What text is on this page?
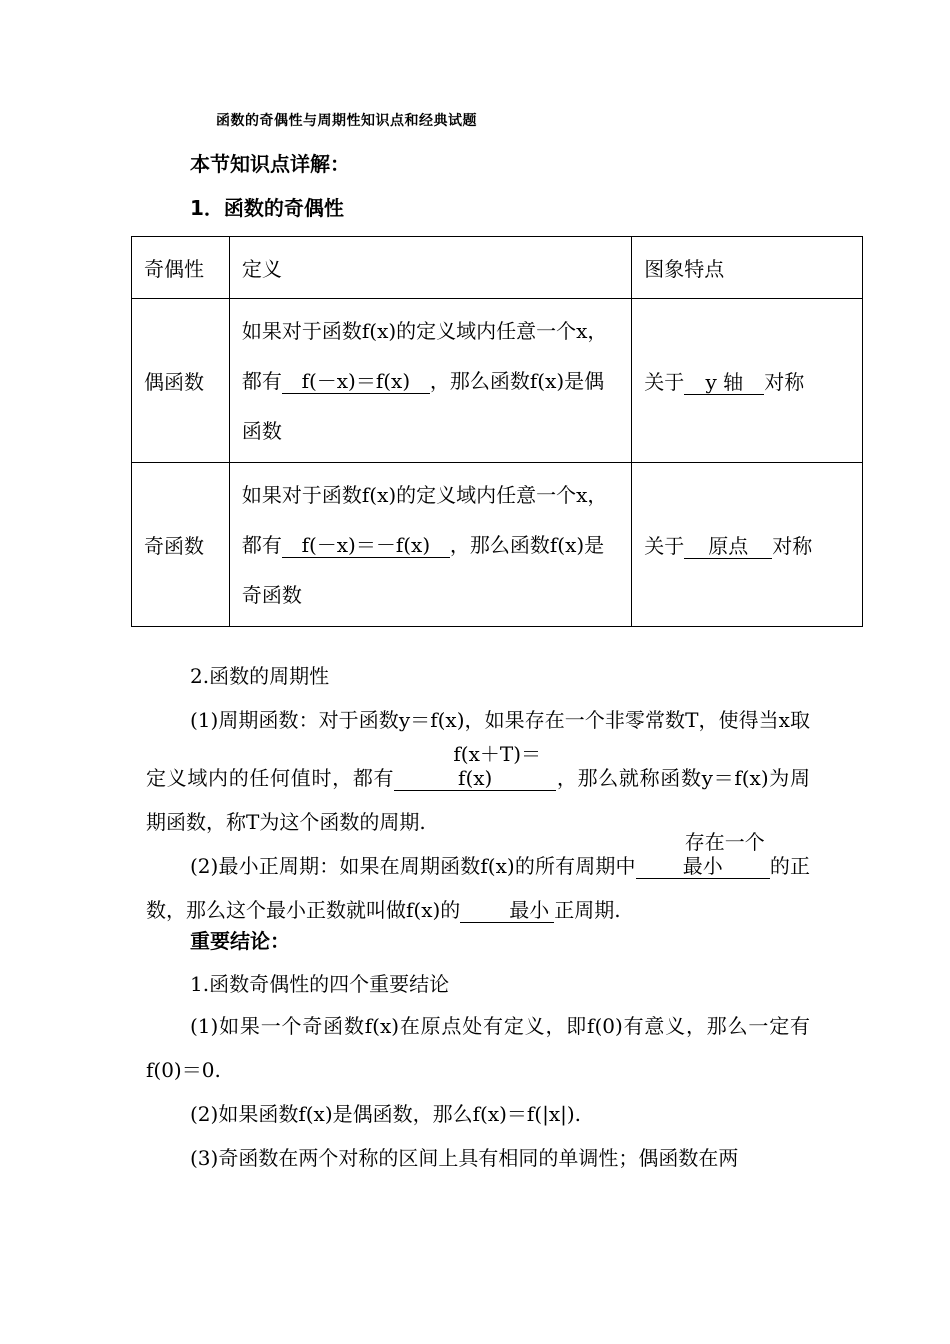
函数的奇偶性与周期性知识点和经典试题
本节知识点详解：
1．函数的奇偶性
奇偶性	定义	图象特点
偶函数	如果对于函数f(x)的定义域内任意一个x，都有 f(－x)＝f(x) ，那么函数f(x)是偶函数	关于 y 轴 对称
奇函数	如果对于函数f(x)的定义域内任意一个x，都有 f(－x)＝－f(x) ，那么函数f(x)是奇函数	关于 原点 对称
2.函数的周期性
(1)周期函数：对于函数y＝f(x)，如果存在一个非零常数T，使得当x取定义域内的任何值时，都有f(x＋T)＝f(x)	，那么就称函数y＝f(x)为周期函数，称T为这个函数的周期.
(2)最小正周期：如果在周期函数f(x)的所有周期中存在一个最小 的正数，那么这个最小正数就叫做f(x)的 最小 正周期.
重要结论：
1.函数奇偶性的四个重要结论
(1)如果一个奇函数f(x)在原点处有定义，即f(0)有意义，那么一定有f(0)＝0.
(2)如果函数f(x)是偶函数，那么f(x)＝f(|x|).
(3)奇函数在两个对称的区间上具有相同的单调性；偶函数在两
